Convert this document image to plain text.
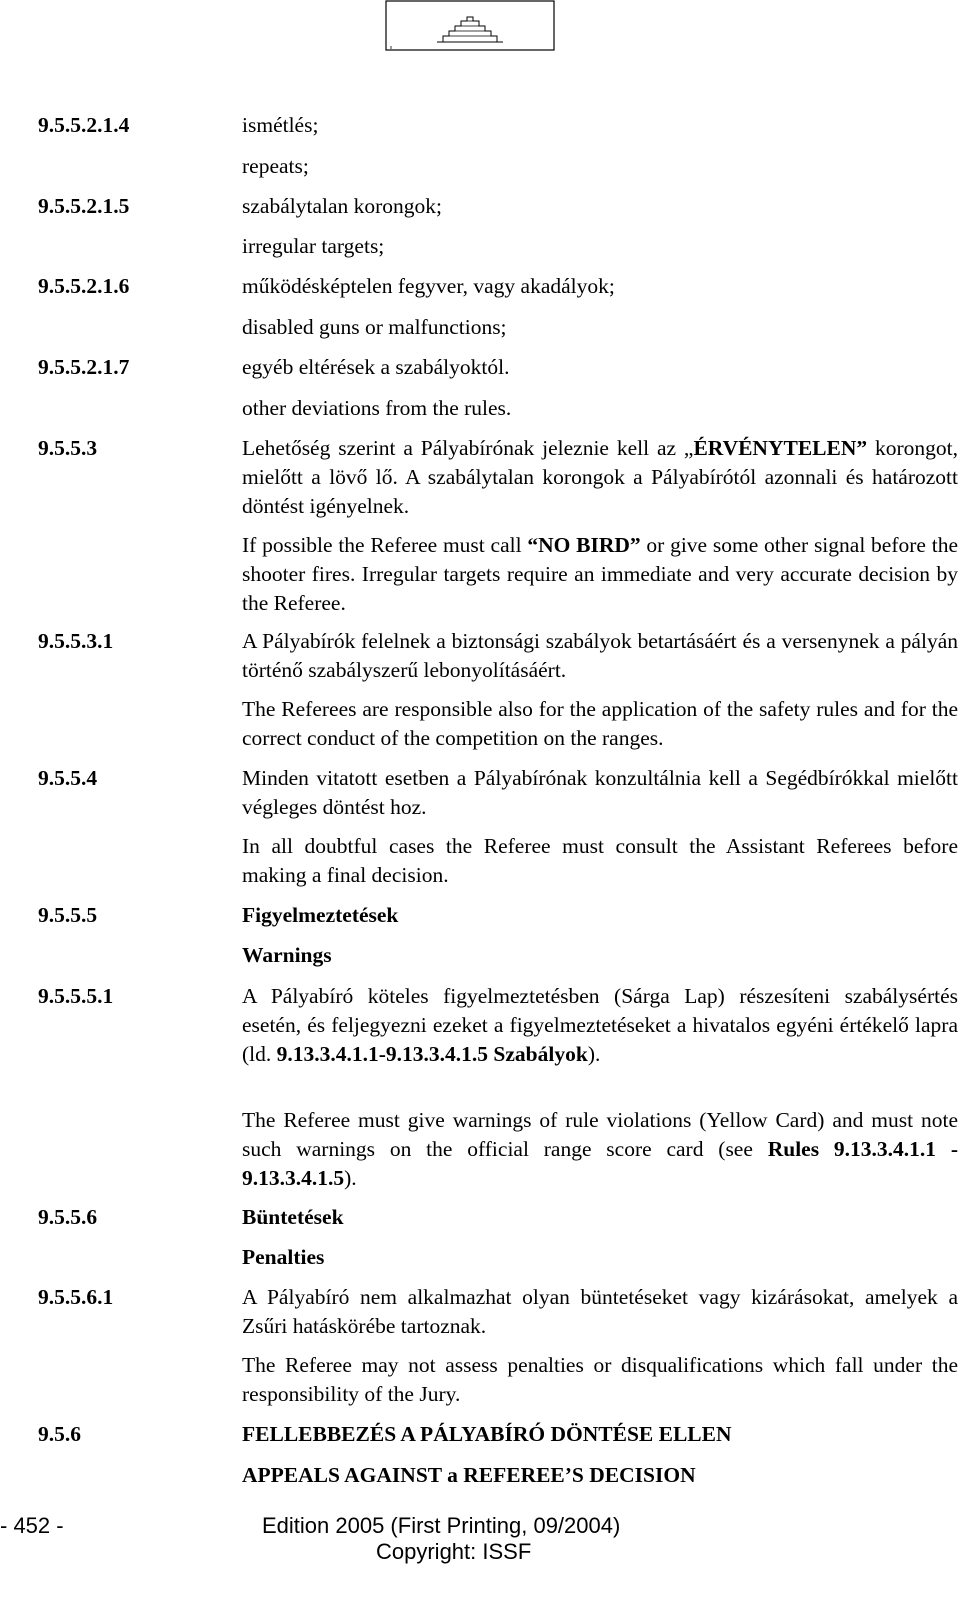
9.5.5.2.1.4	ismétlés;
repeats;
9.5.5.2.1.5	szabálytalan korongok;
irregular targets;
9.5.5.2.1.6	működésképtelen fegyver, vagy akadályok;
disabled guns or malfunctions;
9.5.5.2.1.7	egyéb eltérések a szabályoktól.
other deviations from the rules.
9.5.5.3	Lehetőség szerint a Pályabírónak jeleznie kell az „ÉRVÉNYTELEN” korongot, mielőtt a lövő lő. A szabálytalan korongok a Pályabírótól azonnali és határozott döntést igényelnek.
If possible the Referee must call “NO BIRD” or give some other signal before the shooter fires. Irregular targets require an immediate and very accurate decision by the Referee.
9.5.5.3.1	A Pályabírók felelnek a biztonsági szabályok betartásáért és a versenynek a pályán történő szabályszerű lebonyolításáért.
The Referees are responsible also for the application of the safety rules and for the correct conduct of the competition on the ranges.
9.5.5.4	Minden vitatott esetben a Pályabírónak konzultálnia kell a Segédbírókkal mielőtt végleges döntést hoz.
In all doubtful cases the Referee must consult the Assistant Referees before making a final decision.
9.5.5.5	Figyelmeztetések
Warnings
9.5.5.5.1	A Pályabíró köteles figyelmeztetésben (Sárga Lap) részesíteni szabálysértés esetén, és feljegyezni ezeket a figyelmeztetéseket a hivatalos egyéni értékelő lapra (ld. 9.13.3.4.1.1-9.13.3.4.1.5 Szabályok).
The Referee must give warnings of rule violations (Yellow Card) and must note such warnings on the official range score card (see Rules 9.13.3.4.1.1 - 9.13.3.4.1.5).
9.5.5.6	Büntetések
Penalties
9.5.5.6.1	A Pályabíró nem alkalmazhat olyan büntetéseket vagy kizárásokat, amelyek a Zsűri hatáskörébe tartoznak.
The Referee may not assess penalties or disqualifications which fall under the responsibility of the Jury.
9.5.6	FELLEBBEZÉS A PÁLYABÍRÓ DÖNTÉSE ELLEN
APPEALS AGAINST a REFEREE’S DECISION
- 452 -	Edition 2005 (First Printing, 09/2004)
Copyright: ISSF
